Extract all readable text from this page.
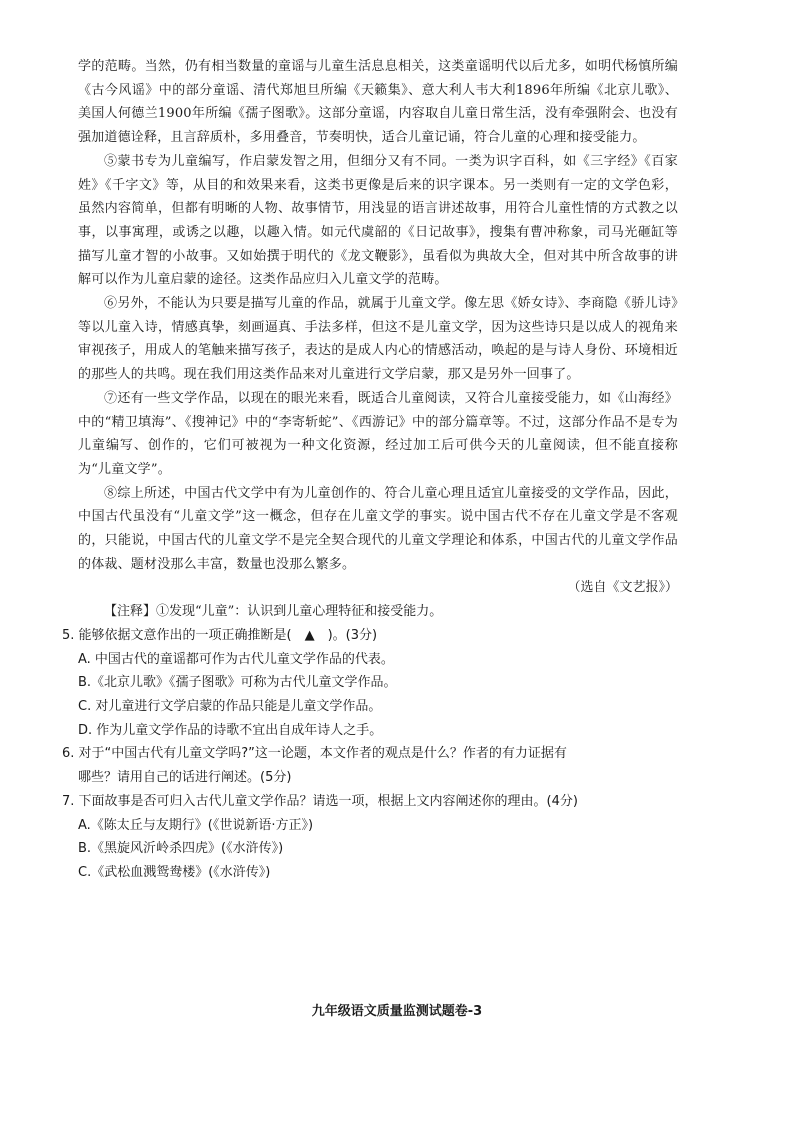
学的范畴。当然，仍有相当数量的童谣与儿童生活息息相关，这类童谣明代以后尤多，如明代杨慎所编《古今风谣》中的部分童谣、清代郑旭旦所编《天籁集》、意大利人韦大利1896年所编《北京儿歌》、美国人何德兰1900年所编《孺子图歌》。这部分童谣，内容取自儿童日常生活，没有牵强附会、也没有强加道德诠释，且言辞质朴，多用叠音，节奏明快，适合儿童记诵，符合儿童的心理和接受能力。

⑤蒙书专为儿童编写，作启蒙发智之用，但细分又有不同。一类为识字百科，如《三字经》《百家姓》《千字文》等，从目的和效果来看，这类书更像是后来的识字课本。另一类则有一定的文学色彩，虽然内容简单，但都有明晰的人物、故事情节，用浅显的语言讲述故事，用符合儿童性情的方式教之以事，以事寓理，或诱之以趣，以趣入情。如元代虞韶的《日记故事》，搜集有曹冲称象，司马光砸缸等描写儿童才智的小故事。又如始撰于明代的《龙文鞭影》，虽看似为典故大全，但对其中所含故事的讲解可以作为儿童启蒙的途径。这类作品应归入儿童文学的范畴。

⑥另外，不能认为只要是描写儿童的作品，就属于儿童文学。像左思《娇女诗》、李商隐《骄儿诗》等以儿童入诗，情感真挚，刻画逼真、手法多样，但这不是儿童文学，因为这些诗只是以成人的视角来审视孩子，用成人的笔触来描写孩子，表达的是成人内心的情感活动，唤起的是与诗人身份、环境相近的那些人的共鸣。现在我们用这类作品来对儿童进行文学启蒙，那又是另外一回事了。

⑦还有一些文学作品，以现在的眼光来看，既适合儿童阅读，又符合儿童接受能力，如《山海经》中的“精卫填海”、《搜神记》中的“李寄斩蛇”、《西游记》中的部分篇章等。不过，这部分作品不是专为儿童编写、创作的，它们可被视为一种文化资源，经过加工后可供今天的儿童阅读，但不能直接称为“儿童文学”。

⑧综上所述，中国古代文学中有为儿童创作的、符合儿童心理且适宜儿童接受的文学作品，因此，中国古代虽没有“儿童文学”这一概念，但存在儿童文学的事实。说中国古代不存在儿童文学是不客观的，只能说，中国古代的儿童文学不是完全契合现代的儿童文学理论和体系，中国古代的儿童文学作品的体裁、题材没那么丰富，数量也没那么繁多。

（选自《文艺报》）

【注释】①发现“儿童”：认识到儿童心理特征和接受能力。

5. 能够依据文意作出的一项正确推断是(　▲　)。(3分)

A. 中国古代的童谣都可作为古代儿童文学作品的代表。

B.《北京儿歌》《孺子图歌》可称为古代儿童文学作品。

C. 对儿童进行文学启蒙的作品只能是儿童文学作品。

D. 作为儿童文学作品的诗歌不宜出自成年诗人之手。

6. 对于“中国古代有儿童文学吗?”这一论题，本文作者的观点是什么？作者的有力证据有

哪些？请用自己的话进行阐述。(5分)

7. 下面故事是否可归入古代儿童文学作品？请选一项，根据上文内容阐述你的理由。(4分)

A.《陈太丘与友期行》(《世说新语·方正》)

B.《黑旋风沂岭杀四虎》(《水浒传》)

C.《武松血溅鸳鸯楼》(《水浒传》)

九年级语文质量监测试题卷-3
